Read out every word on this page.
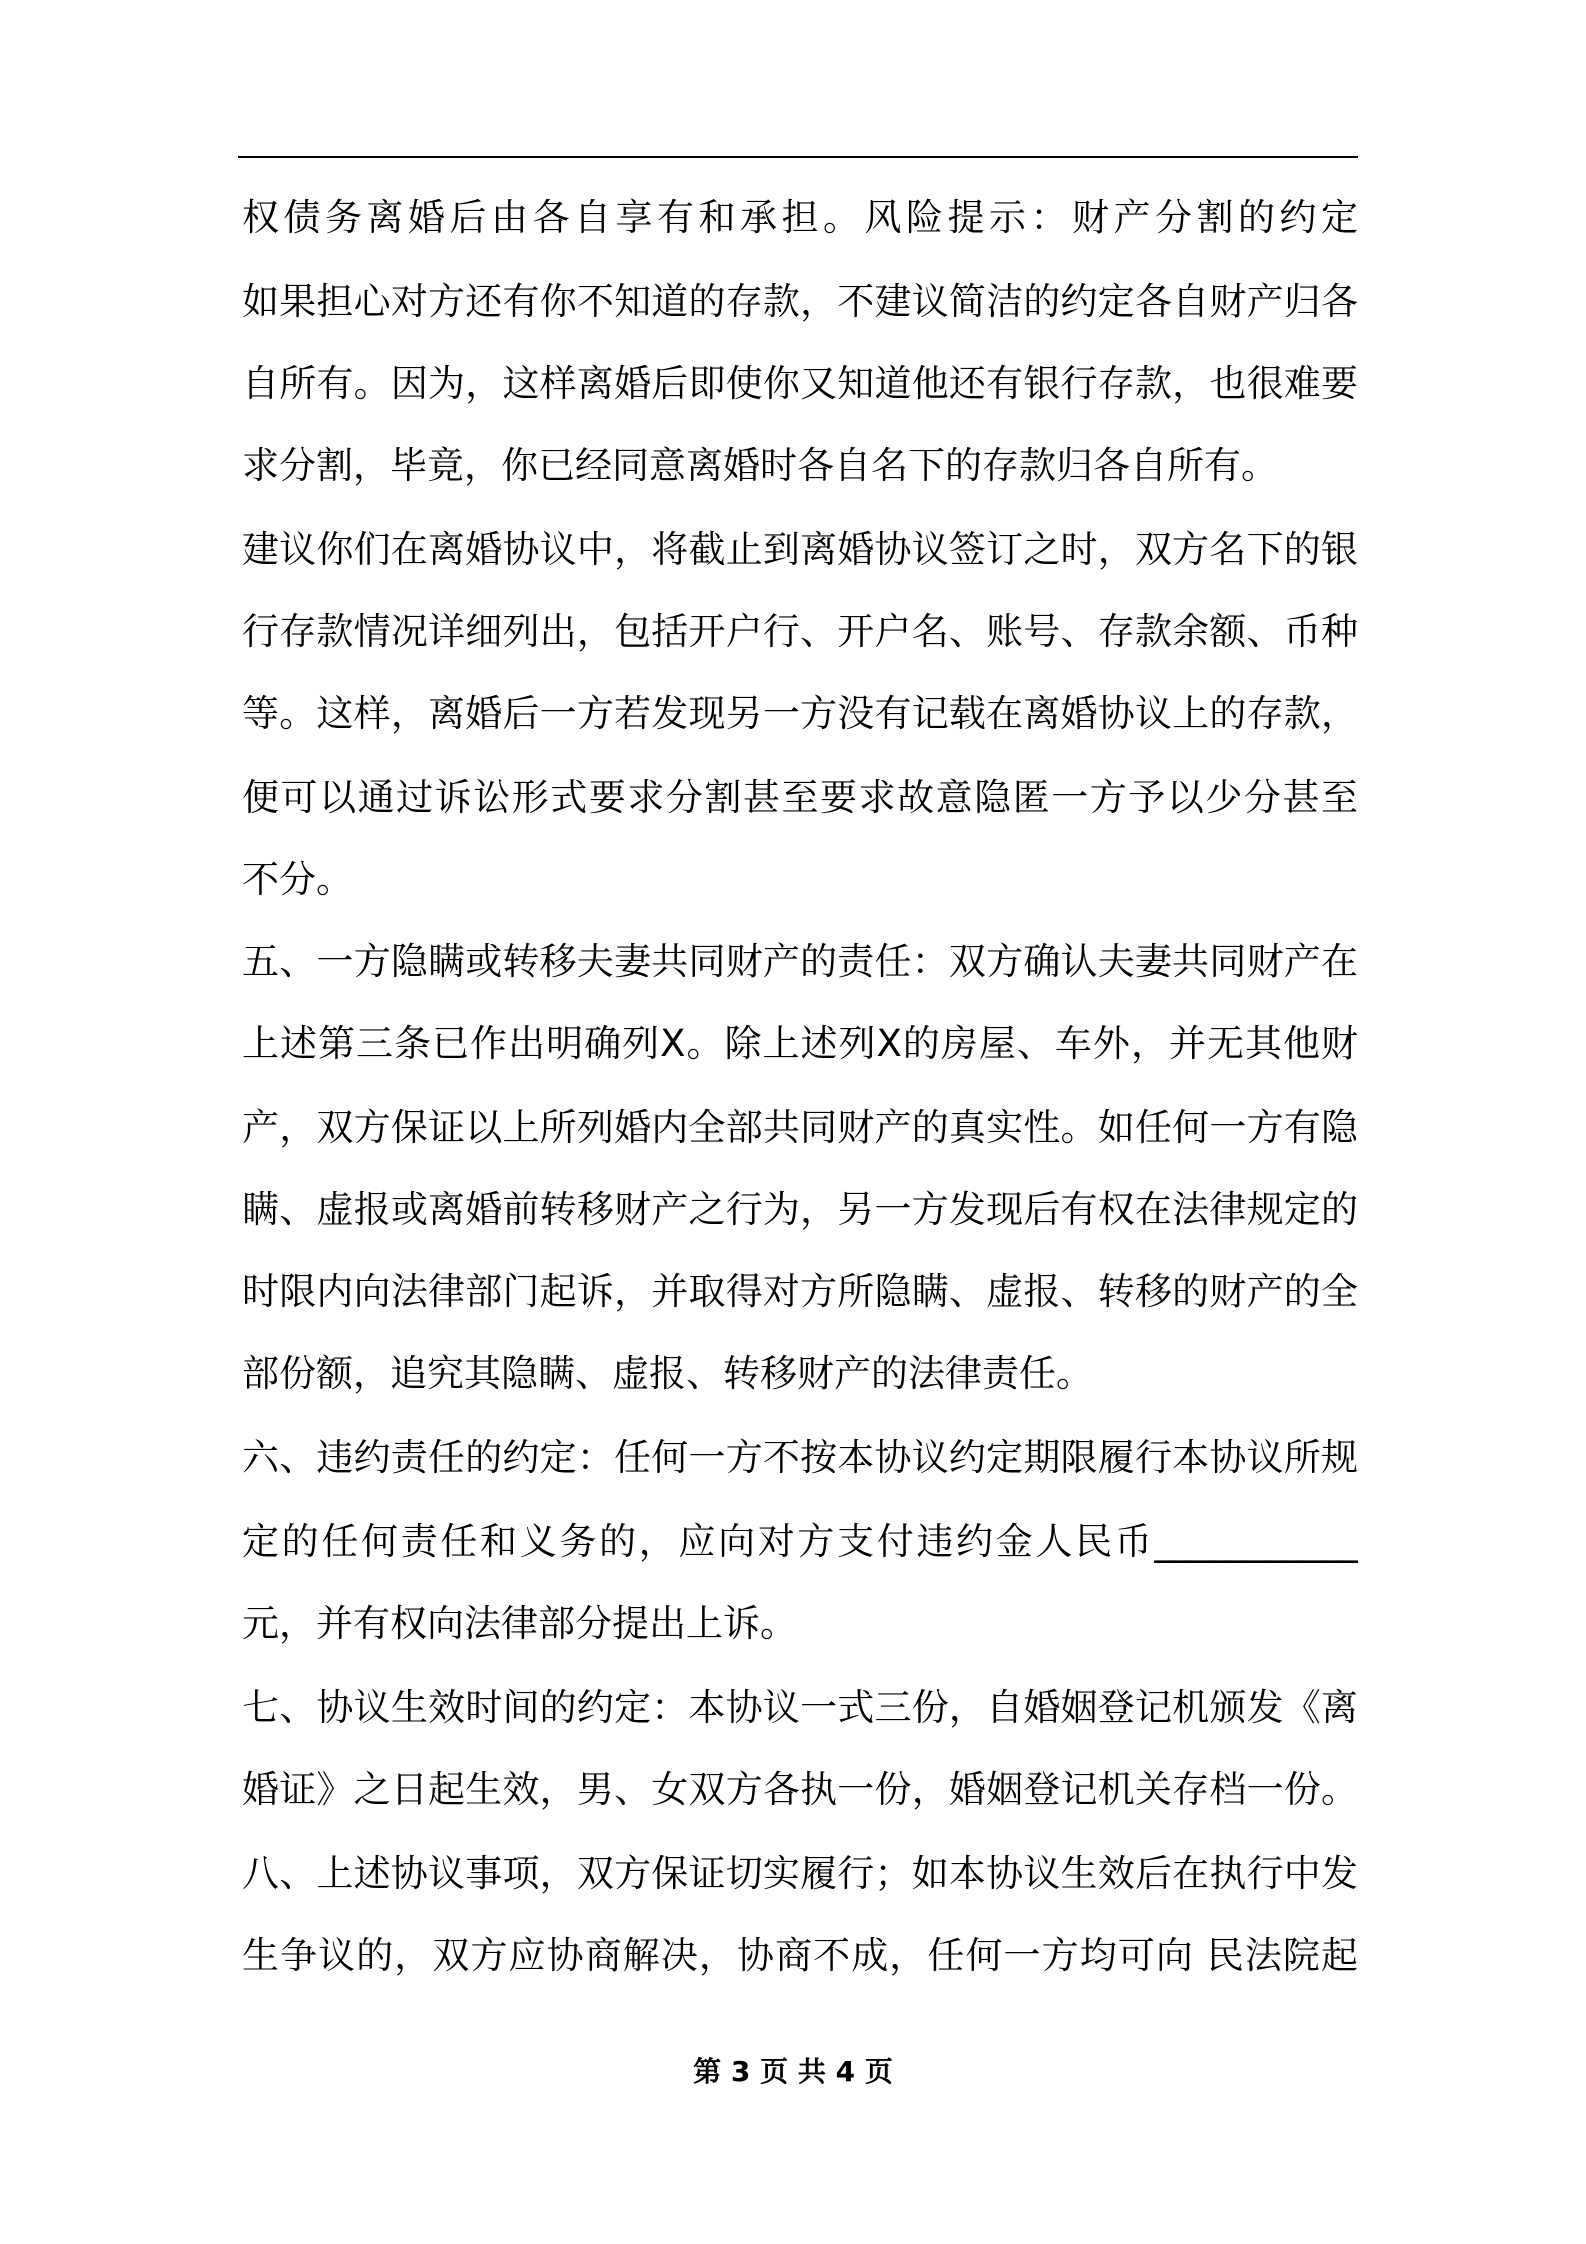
权债务离婚后由各自享有和承担。风险提示：财产分割的约定
如果担心对方还有你不知道的存款，不建议简洁的约定各自财产归各
自所有。因为，这样离婚后即使你又知道他还有银行存款，也很难要
求分割，毕竟，你已经同意离婚时各自名下的存款归各自所有。
建议你们在离婚协议中，将截止到离婚协议签订之时，双方名下的银
行存款情况详细列出，包括开户行、开户名、账号、存款余额、币种
等。这样，离婚后一方若发现另一方没有记载在离婚协议上的存款，
便可以通过诉讼形式要求分割甚至要求故意隐匿一方予以少分甚至
不分。
五、一方隐瞒或转移夫妻共同财产的责任：双方确认夫妻共同财产在
上述第三条已作出明确列X。除上述列X的房屋、车外，并无其他财
产，双方保证以上所列婚内全部共同财产的真实性。如任何一方有隐
瞒、虚报或离婚前转移财产之行为，另一方发现后有权在法律规定的
时限内向法律部门起诉，并取得对方所隐瞒、虚报、转移的财产的全
部份额，追究其隐瞒、虚报、转移财产的法律责任。
六、违约责任的约定：任何一方不按本协议约定期限履行本协议所规
定的任何责任和义务的，应向对方支付违约金人民币___________
元，并有权向法律部分提出上诉。
七、协议生效时间的约定：本协议一式三份，自婚姻登记机颁发《离
婚证》之日起生效，男、女双方各执一份，婚姻登记机关存档一份。
八、上述协议事项，双方保证切实履行；如本协议生效后在执行中发
生争议的，双方应协商解决，协商不成，任何一方均可向 民法院起
第 3 页 共 4 页
